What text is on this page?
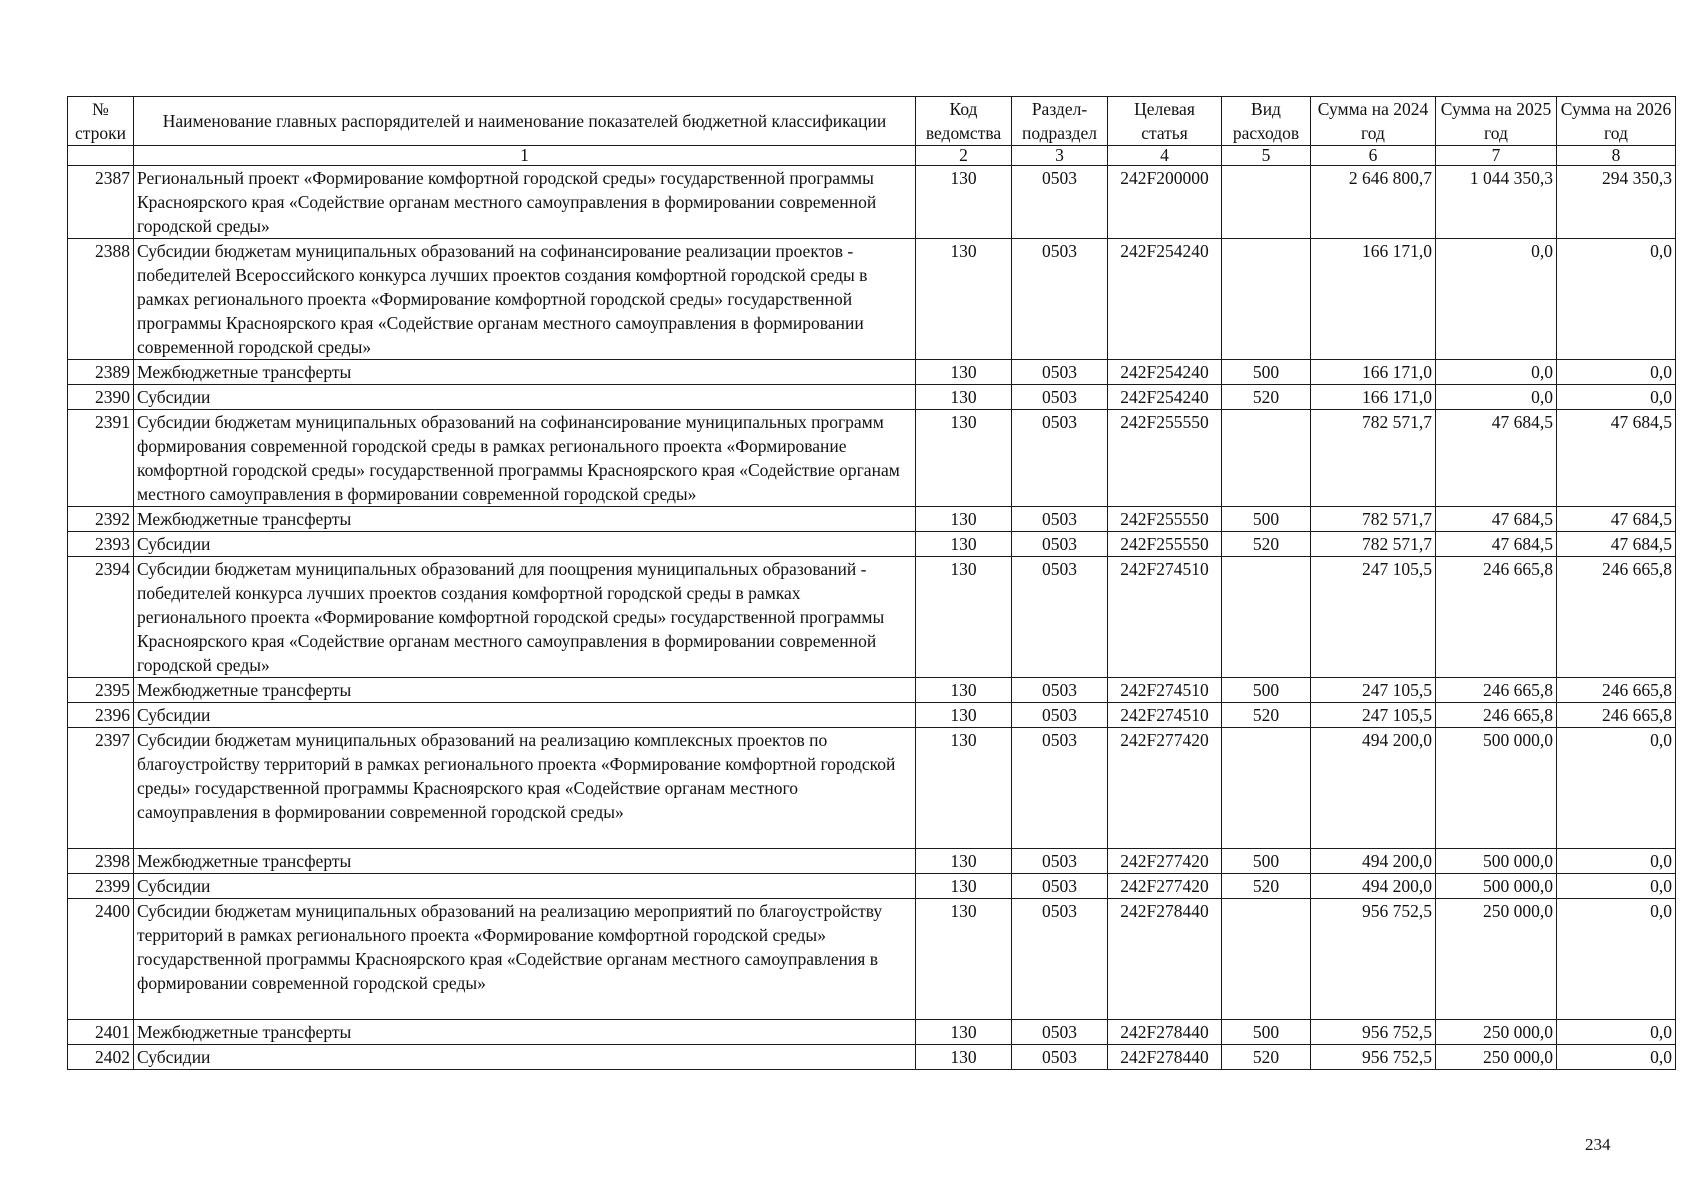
№ строки	Наименование главных распорядителей и наименование показателей бюджетной классификации	Код ведомства	Раздел-подраздел	Целевая статья	Вид расходов	Сумма на 2024 год	Сумма на 2025 год	Сумма на 2026 год
	1	2	3	4	5	6	7	8
2387	Региональный проект «Формирование комфортной городской среды» государственной программы Красноярского края «Содействие органам местного самоуправления в формировании современной городской среды»	130	0503	242F200000		2 646 800,7	1 044 350,3	294 350,3
2388	Субсидии бюджетам муниципальных образований на софинансирование реализации проектов - победителей Всероссийского конкурса лучших проектов создания комфортной городской среды в рамках регионального проекта «Формирование комфортной городской среды» государственной программы Красноярского края «Содействие органам местного самоуправления в формировании современной городской среды»	130	0503	242F254240		166 171,0	0,0	0,0
2389	Межбюджетные трансферты	130	0503	242F254240	500	166 171,0	0,0	0,0
2390	Субсидии	130	0503	242F254240	520	166 171,0	0,0	0,0
2391	Субсидии бюджетам муниципальных образований на софинансирование муниципальных программ формирования современной городской среды в рамках регионального проекта «Формирование комфортной городской среды» государственной программы Красноярского края «Содействие органам местного самоуправления в формировании современной городской среды»	130	0503	242F255550		782 571,7	47 684,5	47 684,5
2392	Межбюджетные трансферты	130	0503	242F255550	500	782 571,7	47 684,5	47 684,5
2393	Субсидии	130	0503	242F255550	520	782 571,7	47 684,5	47 684,5
2394	Субсидии бюджетам муниципальных образований для поощрения муниципальных образований - победителей конкурса лучших проектов создания комфортной городской среды в рамках регионального проекта «Формирование комфортной городской среды» государственной программы Красноярского края «Содействие органам местного самоуправления в формировании современной городской среды»	130	0503	242F274510		247 105,5	246 665,8	246 665,8
2395	Межбюджетные трансферты	130	0503	242F274510	500	247 105,5	246 665,8	246 665,8
2396	Субсидии	130	0503	242F274510	520	247 105,5	246 665,8	246 665,8
2397	Субсидии бюджетам муниципальных образований на реализацию комплексных проектов по благоустройству территорий в рамках регионального проекта «Формирование комфортной городской среды» государственной программы Красноярского края «Содействие органам местного самоуправления в формировании современной городской среды»	130	0503	242F277420		494 200,0	500 000,0	0,0
2398	Межбюджетные трансферты	130	0503	242F277420	500	494 200,0	500 000,0	0,0
2399	Субсидии	130	0503	242F277420	520	494 200,0	500 000,0	0,0
2400	Субсидии бюджетам муниципальных образований на реализацию мероприятий по благоустройству территорий в рамках регионального проекта «Формирование комфортной городской среды» государственной программы Красноярского края «Содействие органам местного самоуправления в формировании современной городской среды»	130	0503	242F278440		956 752,5	250 000,0	0,0
2401	Межбюджетные трансферты	130	0503	242F278440	500	956 752,5	250 000,0	0,0
2402	Субсидии	130	0503	242F278440	520	956 752,5	250 000,0	0,0
234
